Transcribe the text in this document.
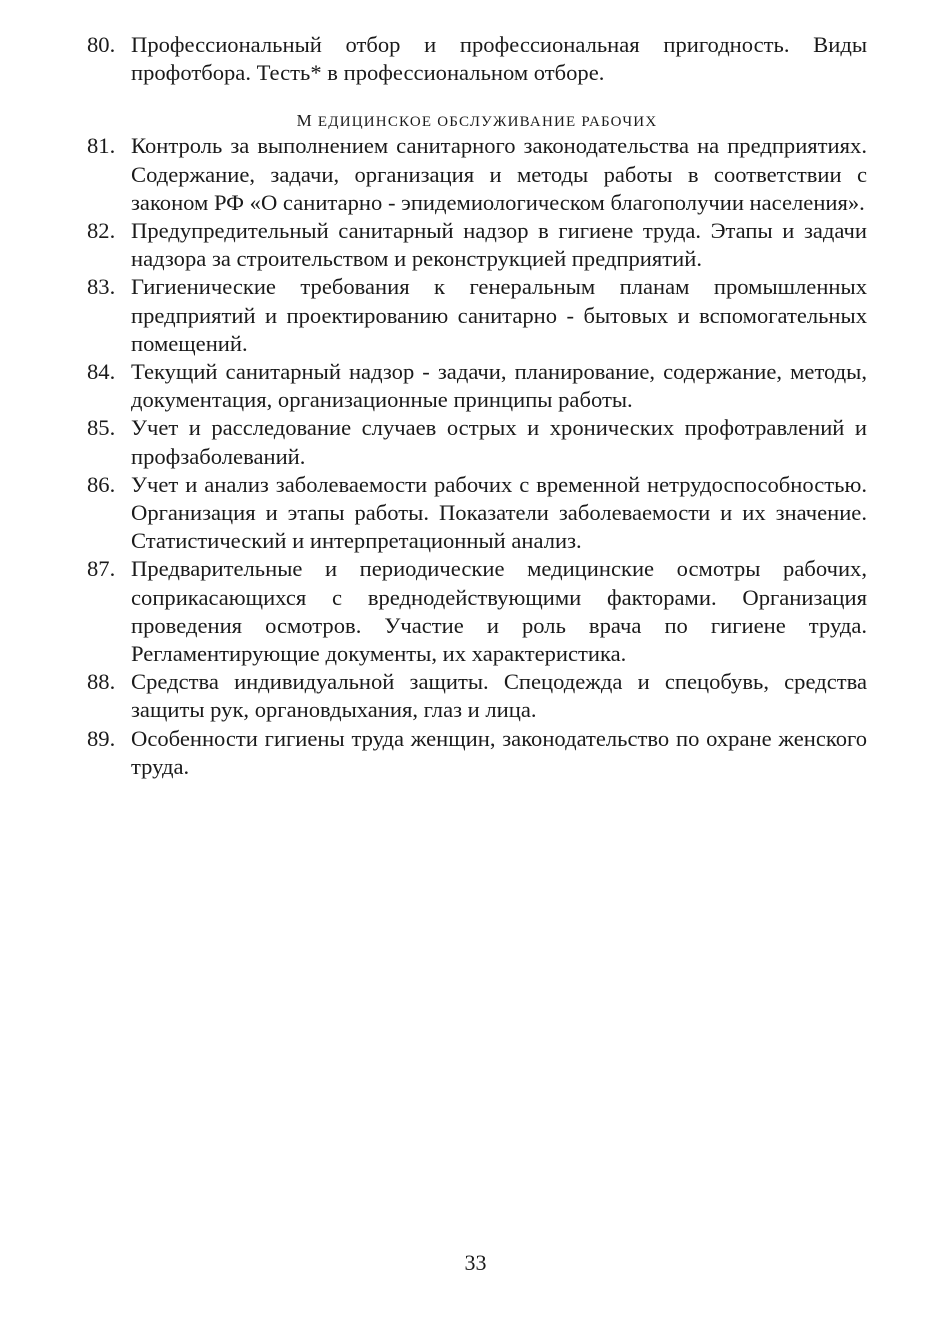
80. Профессиональный отбор и профессиональная пригодность. Виды профотбора. Тесть* в профессиональном отборе.
М ЕДИЦИНСКОЕ ОБСЛУЖИВАНИЕ РАБОЧИХ
81. Контроль за выполнением санитарного законодательства на предприятиях. Содержание, задачи, организация и методы работы в соответствии с законом РФ «О санитарно - эпидемиологическом благополучии населения».
82. Предупредительный санитарный надзор в гигиене труда. Этапы и задачи надзора за строительством и реконструкцией предприятий.
83. Гигиенические требования к генеральным планам промышленных предприятий и проектированию санитарно - бытовых и вспомогательных помещений.
84. Текущий санитарный надзор - задачи, планирование, содержание, методы, документация, организационные принципы работы.
85. Учет и расследование случаев острых и хронических профотравлений и профзаболеваний.
86. Учет и анализ заболеваемости рабочих с временной нетрудоспособностью. Организация и этапы работы. Показатели заболеваемости и их значение. Статистический и интерпретационный анализ.
87. Предварительные и периодические медицинские осмотры рабочих, соприкасающихся с вреднодействующими факторами. Организация проведения осмотров. Участие и роль врача по гигиене труда. Регламентирующие документы, их характеристика.
88. Средства индивидуальной защиты. Спецодежда и спецобувь, средства защиты рук, органовдыхания, глаз и лица.
89. Особенности гигиены труда женщин, законодательство по охране женского труда.
33
